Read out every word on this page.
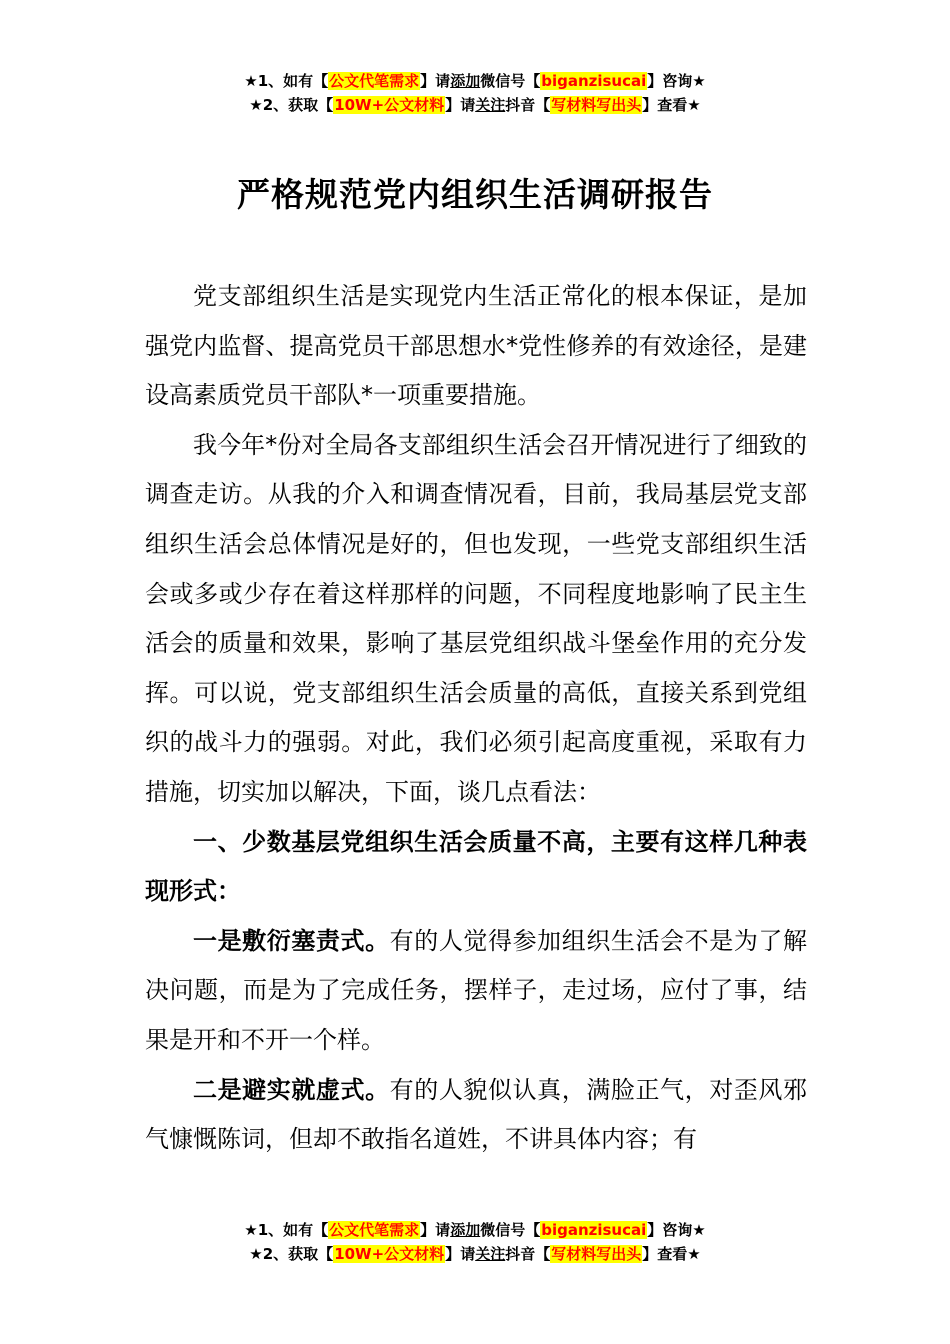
★1、如有【公文代笔需求】请添加微信号【biganzisucai】咨询★
★2、获取【10W+公文材料】请关注抖音【写材料写出头】查看★
严格规范党内组织生活调研报告

党支部组织生活是实现党内生活正常化的根本保证，是加强党内监督、提高党员干部思想水*党性修养的有效途径，是建设高素质党员干部队*一项重要措施。

我今年*份对全局各支部组织生活会召开情况进行了细致的调查走访。从我的介入和调查情况看，目前，我局基层党支部组织生活会总体情况是好的，但也发现，一些党支部组织生活会或多或少存在着这样那样的问题，不同程度地影响了民主生活会的质量和效果，影响了基层党组织战斗堡垒作用的充分发挥。可以说，党支部组织生活会质量的高低，直接关系到党组织的战斗力的强弱。对此，我们必须引起高度重视，采取有力措施，切实加以解决，下面，谈几点看法：

一、少数基层党组织生活会质量不高，主要有这样几种表现形式：

一是敷衍塞责式。有的人觉得参加组织生活会不是为了解决问题，而是为了完成任务，摆样子，走过场，应付了事，结果是开和不开一个样。

二是避实就虚式。有的人貌似认真，满脸正气，对歪风邪气慷慨陈词，但却不敢指名道姓，不讲具体内容；有

★1、如有【公文代笔需求】请添加微信号【biganzisucai】咨询★
★2、获取【10W+公文材料】请关注抖音【写材料写出头】查看★
